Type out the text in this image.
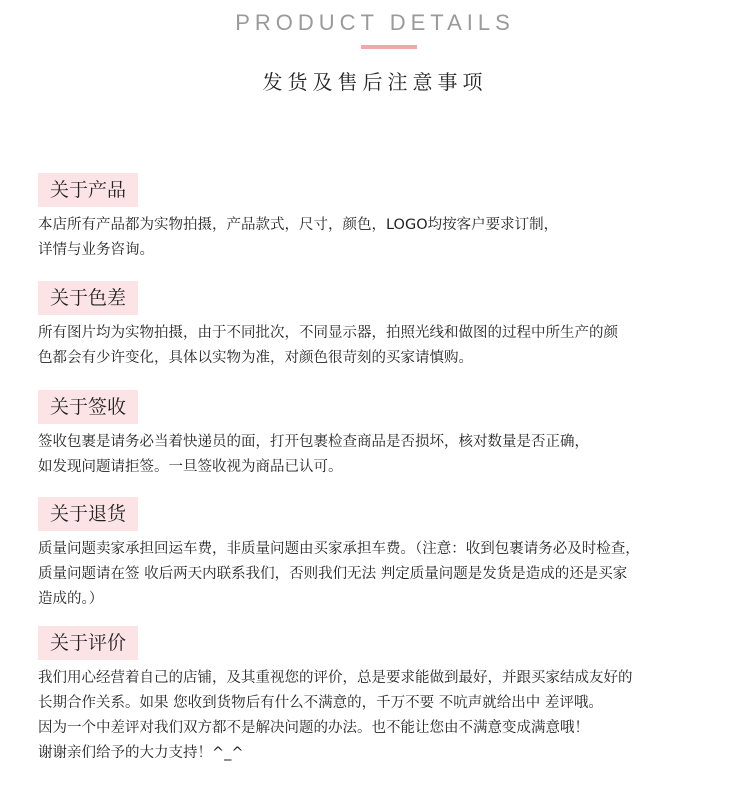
PRODUCT DETAILS
发货及售后注意事项
关于产品
本店所有产品都为实物拍摄，产品款式，尺寸，颜色，LOGO均按客户要求订制，
详情与业务咨询。
关于色差
所有图片均为实物拍摄，由于不同批次，不同显示器，拍照光线和做图的过程中所生产的颜
色都会有少许变化，具体以实物为准，对颜色很苛刻的买家请慎购。
关于签收
签收包裹是请务必当着快递员的面，打开包裹检查商品是否损坏，核对数量是否正确，
如发现问题请拒签。一旦签收视为商品已认可。
关于退货
质量问题卖家承担回运车费，非质量问题由买家承担车费。（注意：收到包裹请务必及时检查，
质量问题请在签 收后两天内联系我们，否则我们无法 判定质量问题是发货是造成的还是买家
造成的。）
关于评价
我们用心经营着自己的店铺，及其重视您的评价，总是要求能做到最好，并跟买家结成友好的
长期合作关系。如果 您收到货物后有什么不满意的，千万不要 不吭声就给出中 差评哦。
因为一个中差评对我们双方都不是解决问题的办法。也不能让您由不满意变成满意哦！
谢谢亲们给予的大力支持！^_^
